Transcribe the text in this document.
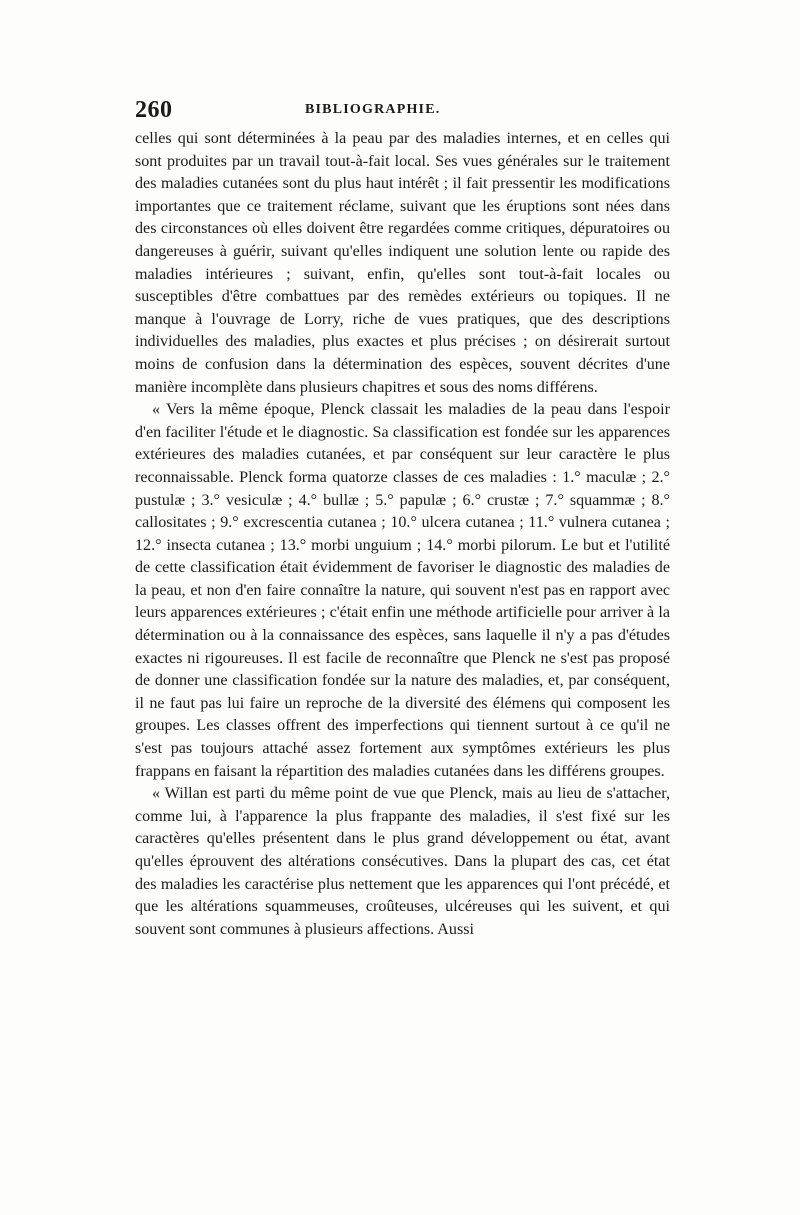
260	BIBLIOGRAPHIE.

celles qui sont déterminées à la peau par des maladies internes, et en celles qui sont produites par un travail tout-à-fait local. Ses vues générales sur le traitement des maladies cutanées sont du plus haut intérêt ; il fait pressentir les modifications importantes que ce traitement réclame, suivant que les éruptions sont nées dans des circonstances où elles doivent être regardées comme critiques, dépuratoires ou dangereuses à guérir, suivant qu'elles indiquent une solution lente ou rapide des maladies intérieures ; suivant, enfin, qu'elles sont tout-à-fait locales ou susceptibles d'être combattues par des remèdes extérieurs ou topiques. Il ne manque à l'ouvrage de Lorry, riche de vues pratiques, que des descriptions individuelles des maladies, plus exactes et plus précises ; on désirerait surtout moins de confusion dans la détermination des espèces, souvent décrites d'une manière incomplète dans plusieurs chapitres et sous des noms différens.

« Vers la même époque, Plenck classait les maladies de la peau dans l'espoir d'en faciliter l'étude et le diagnostic. Sa classification est fondée sur les apparences extérieures des maladies cutanées, et par conséquent sur leur caractère le plus reconnaissable. Plenck forma quatorze classes de ces maladies : 1.° maculæ ; 2.° pustulæ ; 3.° vesiculæ ; 4.° bullæ ; 5.° papulæ ; 6.° crustæ ; 7.° squammæ ; 8.° callositates ; 9.° excrescentia cutanea ; 10.° ulcera cutanea ; 11.° vulnera cutanea ; 12.° insecta cutanea ; 13.° morbi unguium ; 14.° morbi pilorum. Le but et l'utilité de cette classification était évidemment de favoriser le diagnostic des maladies de la peau, et non d'en faire connaître la nature, qui souvent n'est pas en rapport avec leurs apparences extérieures ; c'était enfin une méthode artificielle pour arriver à la détermination ou à la connaissance des espèces, sans laquelle il n'y a pas d'études exactes ni rigoureuses. Il est facile de reconnaître que Plenck ne s'est pas proposé de donner une classification fondée sur la nature des maladies, et, par conséquent, il ne faut pas lui faire un reproche de la diversité des élémens qui composent les groupes. Les classes offrent des imperfections qui tiennent surtout à ce qu'il ne s'est pas toujours attaché assez fortement aux symptômes extérieurs les plus frappans en faisant la répartition des maladies cutanées dans les différens groupes.

« Willan est parti du même point de vue que Plenck, mais au lieu de s'attacher, comme lui, à l'apparence la plus frappante des maladies, il s'est fixé sur les caractères qu'elles présentent dans le plus grand développement ou état, avant qu'elles éprouvent des altérations consécutives. Dans la plupart des cas, cet état des maladies les caractérise plus nettement que les apparences qui l'ont précédé, et que les altérations squammeuses, croûteuses, ulcéreuses qui les suivent, et qui souvent sont communes à plusieurs affections. Aussi
